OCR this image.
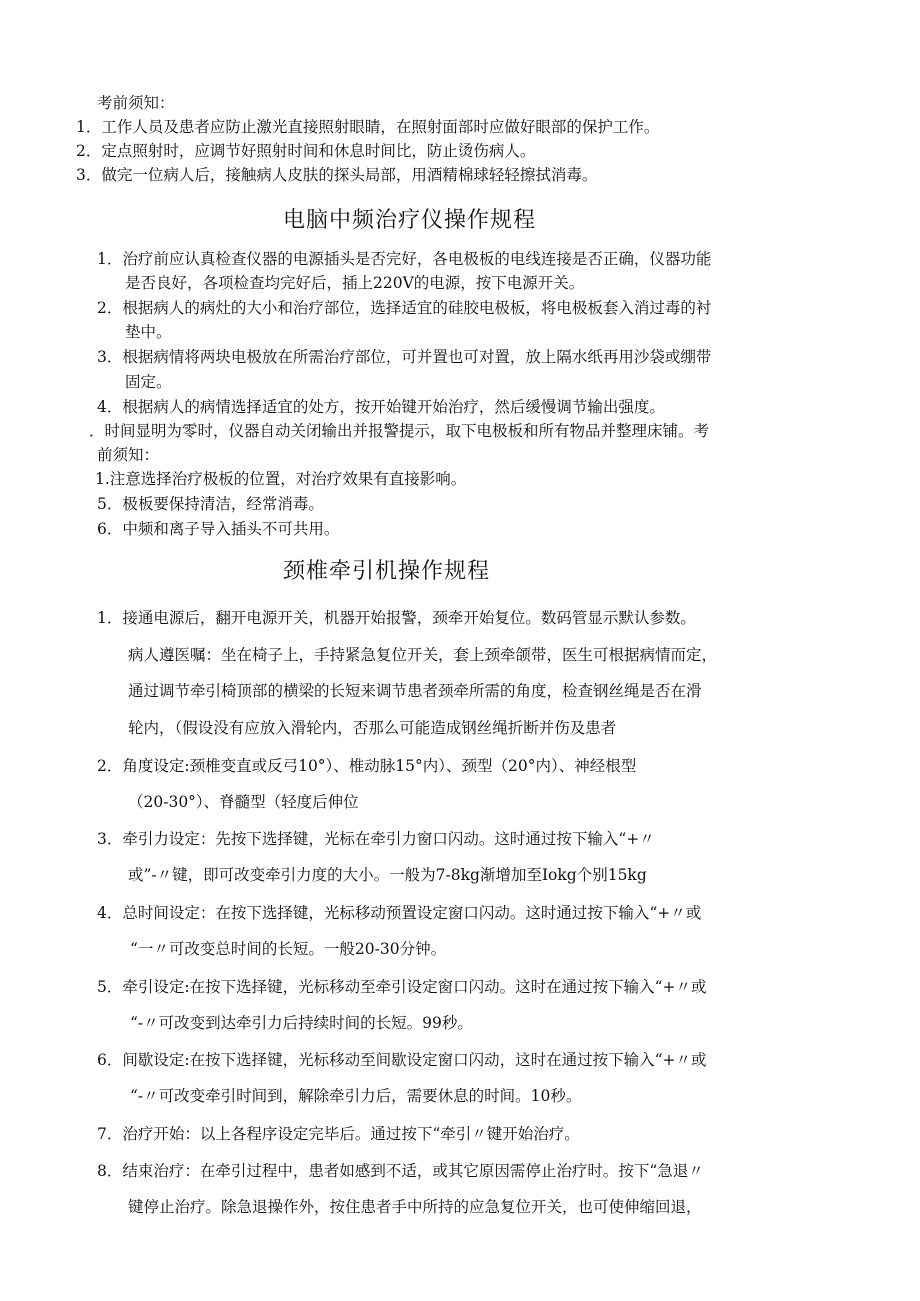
考前须知：
1．工作人员及患者应防止激光直接照射眼睛，在照射面部时应做好眼部的保护工作。
2．定点照射时，应调节好照射时间和休息时间比，防止烫伤病人。
3．做完一位病人后，接触病人皮肤的探头局部，用酒精棉球轻轻擦拭消毒。
电脑中频治疗仪操作规程
1．治疗前应认真检查仪器的电源插头是否完好，各电极板的电线连接是否正确，仪器功能
是否良好，各项检查均完好后，插上220V的电源，按下电源开关。
2．根据病人的病灶的大小和治疗部位，选择适宜的硅胶电极板，将电极板套入消过毒的衬
垫中。
3．根据病情将两块电极放在所需治疗部位，可并置也可对置，放上隔水纸再用沙袋或绷带
固定。
4．根据病人的病情选择适宜的处方，按开始键开始治疗，然后缓慢调节输出强度。
．时间显明为零时，仪器自动关闭输出并报警提示，取下电极板和所有物品并整理床铺。考
前须知：
1.注意选择治疗极板的位置，对治疗效果有直接影响。
5．极板要保持清洁，经常消毒。
6．中频和离子导入插头不可共用。
颈椎牵引机操作规程
1．接通电源后，翻开电源开关，机器开始报警，颈牵开始复位。数码管显示默认参数。
病人遵医嘱：坐在椅子上，手持紧急复位开关，套上颈牵颌带，医生可根据病情而定，
通过调节牵引椅顶部的横梁的长短来调节患者颈牵所需的角度，检查钢丝绳是否在滑
轮内，（假设没有应放入滑轮内，否那么可能造成钢丝绳折断并伤及患者
2．角度设定:颈椎变直或反弓10°）、椎动脉15°内）、颈型（20°内）、神经根型
（20-30°）、脊髓型（轻度后伸位
3．牵引力设定：先按下选择键，光标在牵引力窗口闪动。这时通过按下输入“+〃
或”-〃键，即可改变牵引力度的大小。一般为7-8kg渐增加至Iokg个别15kg
4．总时间设定：在按下选择键，光标移动预置设定窗口闪动。这时通过按下输入“+〃或
“一〃可改变总时间的长短。一般20-30分钟。
5．牵引设定:在按下选择键，光标移动至牵引设定窗口闪动。这时在通过按下输入“+〃或
“-〃可改变到达牵引力后持续时间的长短。99秒。
6．间歇设定:在按下选择键，光标移动至间歇设定窗口闪动，这时在通过按下输入“+〃或
“-〃可改变牵引时间到，解除牵引力后，需要休息的时间。10秒。
7．治疗开始：以上各程序设定完毕后。通过按下“牵引〃键开始治疗。
8．结束治疗：在牵引过程中，患者如感到不适，或其它原因需停止治疗时。按下“急退〃
键停止治疗。除急退操作外，按住患者手中所持的应急复位开关，也可使伸缩回退，
